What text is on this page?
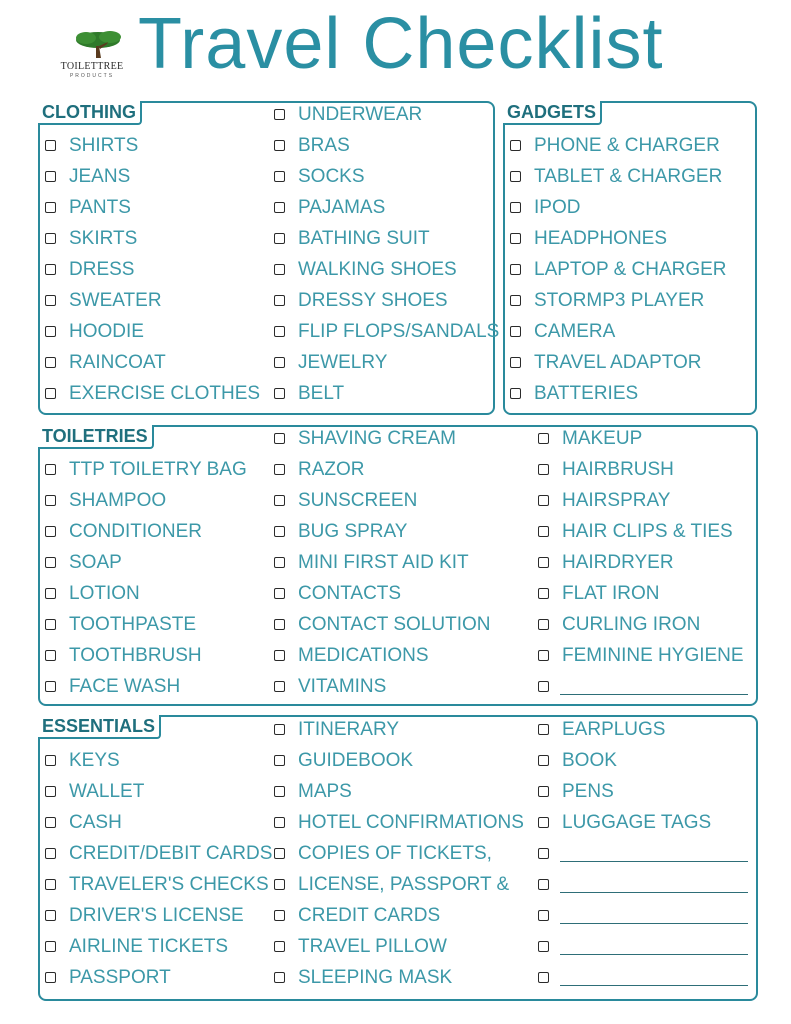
TOILETTREE
PRODUCTS Travel Checklist
CLOTHING	GADGETS
TOILETRIES
ESSENTIALS
SHIRTS
JEANS
PANTS
SKIRTS
DRESS
SWEATER
HOODIE
RAINCOAT
EXERCISE CLOTHES
UNDERWEAR
BRAS
SOCKS
PAJAMAS
BATHING SUIT
WALKING SHOES
DRESSY SHOES
FLIP FLOPS/SANDALS
JEWELRY
BELT
PHONE & CHARGER
TABLET & CHARGER
IPOD
HEADPHONES
LAPTOP & CHARGER
STORMP3 PLAYER
CAMERA
TRAVEL ADAPTOR
BATTERIES
TTP TOILETRY BAG
SHAMPOO
CONDITIONER
SOAP
LOTION
TOOTHPASTE
TOOTHBRUSH
FACE WASH
SHAVING CREAM
RAZOR
SUNSCREEN
BUG SPRAY
MINI FIRST AID KIT
CONTACTS
CONTACT SOLUTION
MEDICATIONS
VITAMINS
MAKEUP
HAIRBRUSH
HAIRSPRAY
HAIR CLIPS & TIES
HAIRDRYER
FLAT IRON
CURLING IRON
FEMININE HYGIENE
KEYS
WALLET
CASH
CREDIT/DEBIT CARDS
TRAVELER'S CHECKS
DRIVER'S LICENSE
AIRLINE TICKETS
PASSPORT
ITINERARY
GUIDEBOOK
MAPS
HOTEL CONFIRMATIONS
COPIES OF TICKETS,
LICENSE, PASSPORT &
CREDIT CARDS
TRAVEL PILLOW
SLEEPING MASK
EARPLUGS
BOOK
PENS
LUGGAGE TAGS
